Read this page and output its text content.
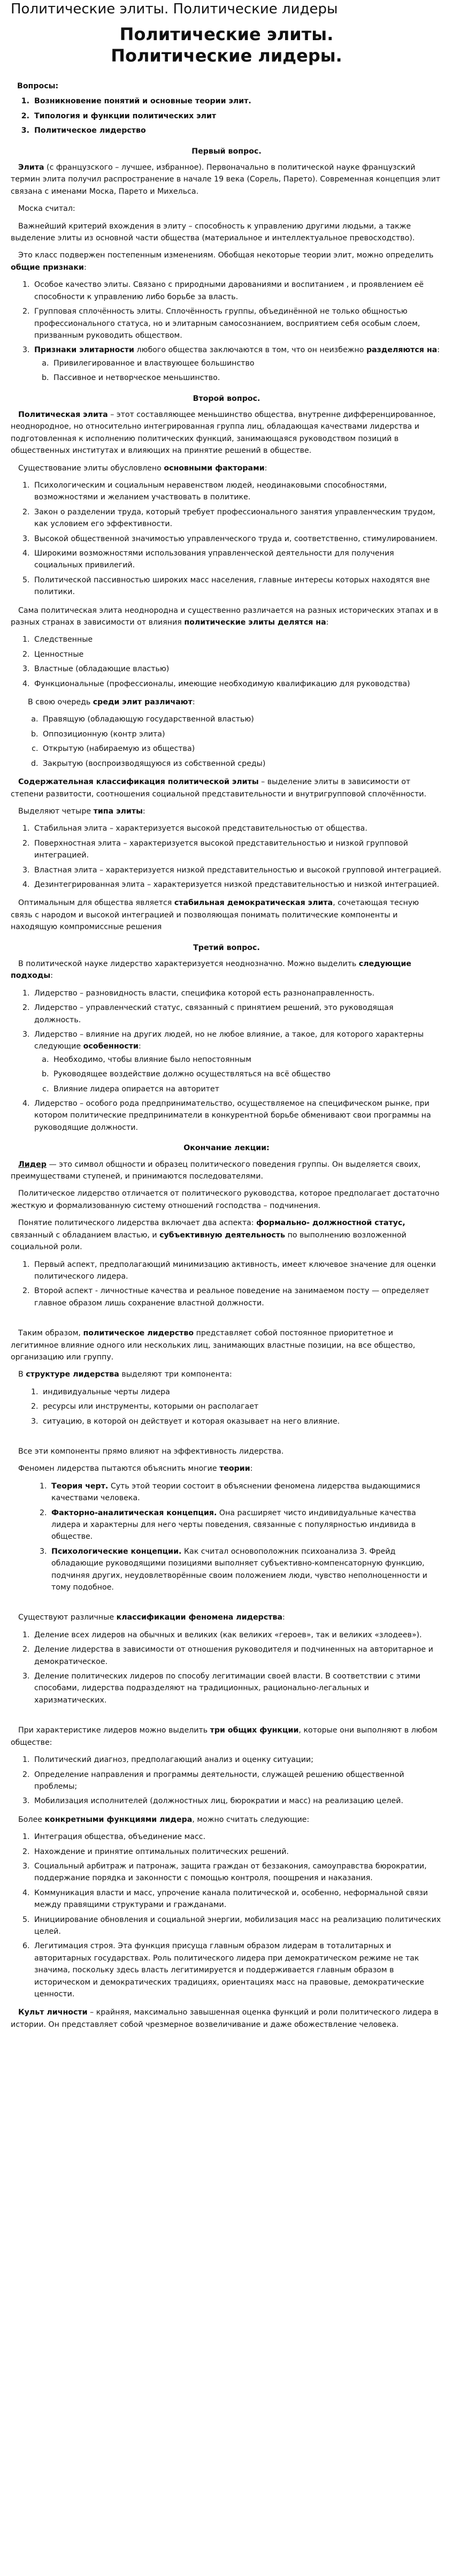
Политические элиты. Политические лидеры
Политические элиты. Политические лидеры.
Вопросы:
1. Возникновение понятий и основные теории элит.
2. Типология и функции политических элит
3. Политическое лидерство
Первый вопрос.

Элита (с французского – лучшее, избранное). Первоначально в политической науке французский термин элита получил распространение в начале 19 века (Сорель, Парето). Современная концепция элит связана с именами Моска, Парето и Михельса.

Моска считал:

Важнейший критерий вхождения в элиту – способность к управлению другими людьми, а также выделение элиты из основной части общества (материальное и интеллектуальное превосходство).

Это класс подвержен постепенным изменениям. Обобщая некоторые теории элит, можно определить общие признаки:

1. Особое качество элиты. Связано с природными дарованиями и воспитанием , и проявлением её способности к управлению либо борьбе за власть.
2. Групповая сплочённость элиты. Сплочённость группы, объединённой не только общностью профессионального статуса, но и элитарным самосознанием, восприятием себя особым слоем, призванным руководить обществом.
3. Признаки элитарности любого общества заключаются в том, что он неизбежно разделяются на:
a. Привилегированное и властвующее большинство
b. Пассивное и нетворческое меньшинство.
Второй вопрос.

Политическая элита – этот составляющее меньшинство общества, внутренне дифференцированное, неоднородное, но относительно интегрированная группа лиц, обладающая качествами лидерства и подготовленная к исполнению политических функций, занимающаяся руководством позиций в общественных институтах и влияющих на принятие решений в обществе.

Существование элиты обусловлено основными факторами:

1. Психологическим и социальным неравенством людей, неодинаковыми способностями, возможностями и желанием участвовать в политике.
2. Закон о разделении труда, который требует профессионального занятия управленческим трудом, как условием его эффективности.
3. Высокой общественной значимостью управленческого труда и, соответственно, стимулированием.
4. Широкими возможностями использования управленческой деятельности для получения социальных привилегий.
5. Политической пассивностью широких масс населения, главные интересы которых находятся вне политики.

Сама политическая элита неоднородна и существенно различается на разных исторических этапах и в разных странах в зависимости от влияния политические элиты делятся на:

1. Следственные
2. Ценностные
3. Властные (обладающие властью)
4. Функциональные (профессионалы, имеющие необходимую квалификацию для руководства)

В свою очередь среди элит различают:

a. Правящую (обладающую государственной властью)
b. Оппозиционную (контр элита)
c. Открытую (набираемую из общества)
d. Закрытую (воспроизводящуюся из собственной среды)

Содержательная классификация политической элиты – выделение элиты в зависимости от степени развитости, соотношения социальной представительности и внутригрупповой сплочённости.

Выделяют четыре типа элиты:

1. Стабильная элита – характеризуется высокой представительностью от общества.
2. Поверхностная элита – характеризуется высокой представительностью и низкой групповой интеграцией.
3. Властная элита – характеризуется низкой представительностью и высокой групповой интеграцией.
4. Дезинтегрированная элита – характеризуется низкой представительностью и низкой интеграцией.

Оптимальным для общества является стабильная демократическая элита, сочетающая тесную связь с народом и высокой интеграцией и позволяющая понимать политические компоненты и находящую компромиссные решения

Третий вопрос.

В политической науке лидерство характеризуется неоднозначно. Можно выделить следующие подходы:

1. Лидерство – разновидность власти, специфика которой есть разнонаправленность.
2. Лидерство – управленческий статус, связанный с принятием решений, это руководящая должность.
3. Лидерство – влияние на других людей, но не любое влияние, а такое, для которого характерны следующие особенности:
a. Необходимо, чтобы влияние было непостоянным
b. Руководящее воздействие должно осуществляться на всё общество
c. Влияние лидера опирается на авторитет
4. Лидерство – особого рода предпринимательство, осуществляемое на специфическом рынке, при котором политические предприниматели в конкурентной борьбе обменивают свои программы на руководящие должности.
Окончание лекции:

Лидер — это символ общности и образец политического поведения группы. Он выделяется своих, преимуществами ступеней, и принимаются последователями.

Политическое лидерство отличается от политического руководства, которое предполагает достаточно жесткую и формализованную систему отношений господства – подчинения.

Понятие политического лидерства включает два аспекта: формально- должностной статус, связанный с обладанием властью, и субъективную деятельность по выполнению возложенной социальной роли.

1. Первый аспект, предполагающий минимизацию активность, имеет ключевое значение для оценки политического лидера.
2. Второй аспект - личностные качества и реальное поведение на занимаемом посту — определяет главное образом лишь сохранение властной должности.

Таким образом, политическое лидерство представляет собой постоянное приоритетное и легитимное влияние одного или нескольких лиц, занимающих властные позиции, на все общество, организацию или группу.

В структуре лидерства выделяют три компонента:

1. индивидуальные черты лидера
2. ресурсы или инструменты, которыми он располагает
3. ситуацию, в которой он действует и которая оказывает на него влияние.

Все эти компоненты прямо влияют на эффективность лидерства.

Феномен лидерства пытаются объяснить многие теории:

1. Теория черт. Суть этой теории состоит в объяснении феномена лидерства выдающимися качествами человека.
2. Факторно-аналитическая концепция. Она расширяет чисто индивидуальные качества лидера и характерны для него черты поведения, связанные с популярностью индивида в обществе.
3. Психологические концепции. Как считал основоположник психоанализа З. Фрейд обладающие руководящими позициями выполняет субъективно-компенсаторную функцию, подчиняя других, неудовлетворённые своим положением люди, чувство неполноценности и тому подобное.

Существуют различные классификации феномена лидерства:

1. Деление всех лидеров на обычных и великих (как великих «героев», так и великих «злодеев»).
2. Деление лидерства в зависимости от отношения руководителя и подчиненных на авторитарное и демократическое.
3. Деление политических лидеров по способу легитимации своей власти. В соответствии с этими способами, лидерства подразделяют на традиционных, рационально-легальных и харизматических.

При характеристике лидеров можно выделить три общих функции, которые они выполняют в любом обществе:

1. Политический диагноз, предполагающий анализ и оценку ситуации;
2. Определение направления и программы деятельности, служащей решению общественной проблемы;
3. Мобилизация исполнителей (должностных лиц, бюрократии и масс) на реализацию целей.

Более конкретными функциями лидера, можно считать следующие:

1. Интеграция общества, объединение масс.
2. Нахождение и принятие оптимальных политических решений.
3. Социальный арбитраж и патронаж, защита граждан от беззакония, самоуправства бюрократии, поддержание порядка и законности с помощью контроля, поощрения и наказания.
4. Коммуникация власти и масс, упрочение канала политической и, особенно, неформальной связи между правящими структурами и гражданами.
5. Инициирование обновления и социальной энергии, мобилизация масс на реализацию политических целей.
6. Легитимация строя. Эта функция присуща главным образом лидерам в тоталитарных и авторитарных государствах. Роль политического лидера при демократическом режиме не так значима, поскольку здесь власть легитимируется и поддерживается главным образом в историческом и демократических традициях, ориентациях масс на правовые, демократические ценности.

Культ личности – крайняя, максимально завышенная оценка функций и роли политического лидера в истории. Он представляет собой чрезмерное возвеличивание и даже обожествление человека.
